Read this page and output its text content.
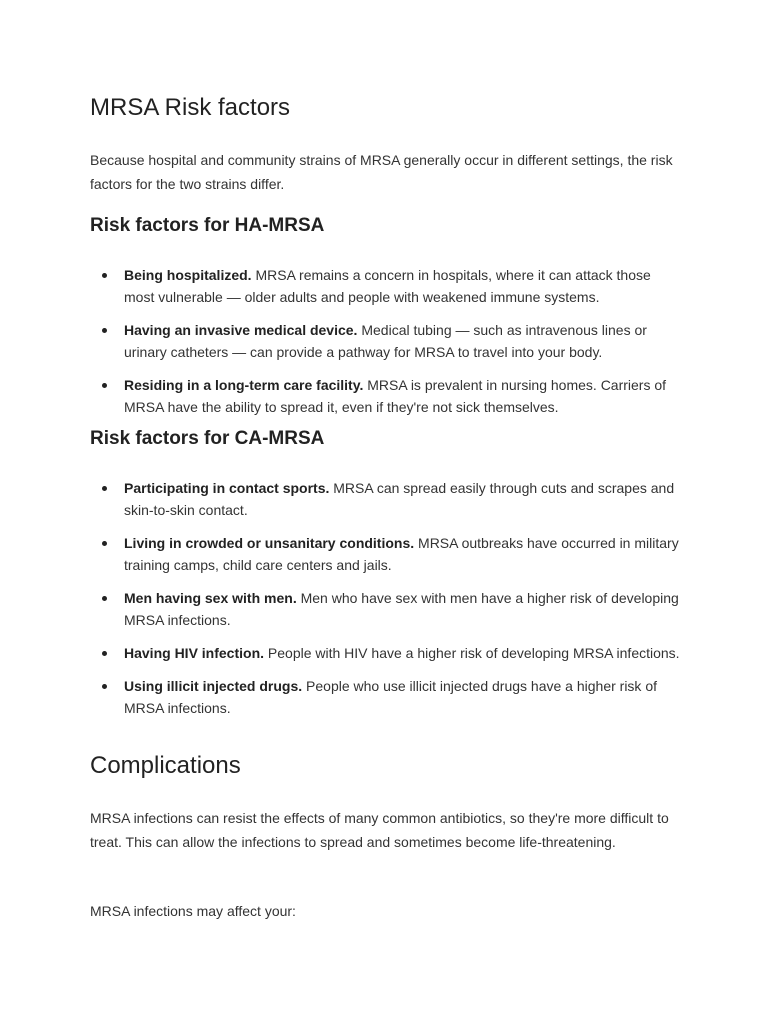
MRSA Risk factors

Because hospital and community strains of MRSA generally occur in different settings, the risk factors for the two strains differ.

Risk factors for HA-MRSA
Being hospitalized. MRSA remains a concern in hospitals, where it can attack those most vulnerable — older adults and people with weakened immune systems.
Having an invasive medical device. Medical tubing — such as intravenous lines or urinary catheters — can provide a pathway for MRSA to travel into your body.
Residing in a long-term care facility. MRSA is prevalent in nursing homes. Carriers of MRSA have the ability to spread it, even if they're not sick themselves.
Risk factors for CA-MRSA
Participating in contact sports. MRSA can spread easily through cuts and scrapes and skin-to-skin contact.
Living in crowded or unsanitary conditions. MRSA outbreaks have occurred in military training camps, child care centers and jails.
Men having sex with men. Men who have sex with men have a higher risk of developing MRSA infections.
Having HIV infection. People with HIV have a higher risk of developing MRSA infections.
Using illicit injected drugs. People who use illicit injected drugs have a higher risk of MRSA infections.
Complications

MRSA infections can resist the effects of many common antibiotics, so they're more difficult to treat. This can allow the infections to spread and sometimes become life-threatening.

MRSA infections may affect your:
